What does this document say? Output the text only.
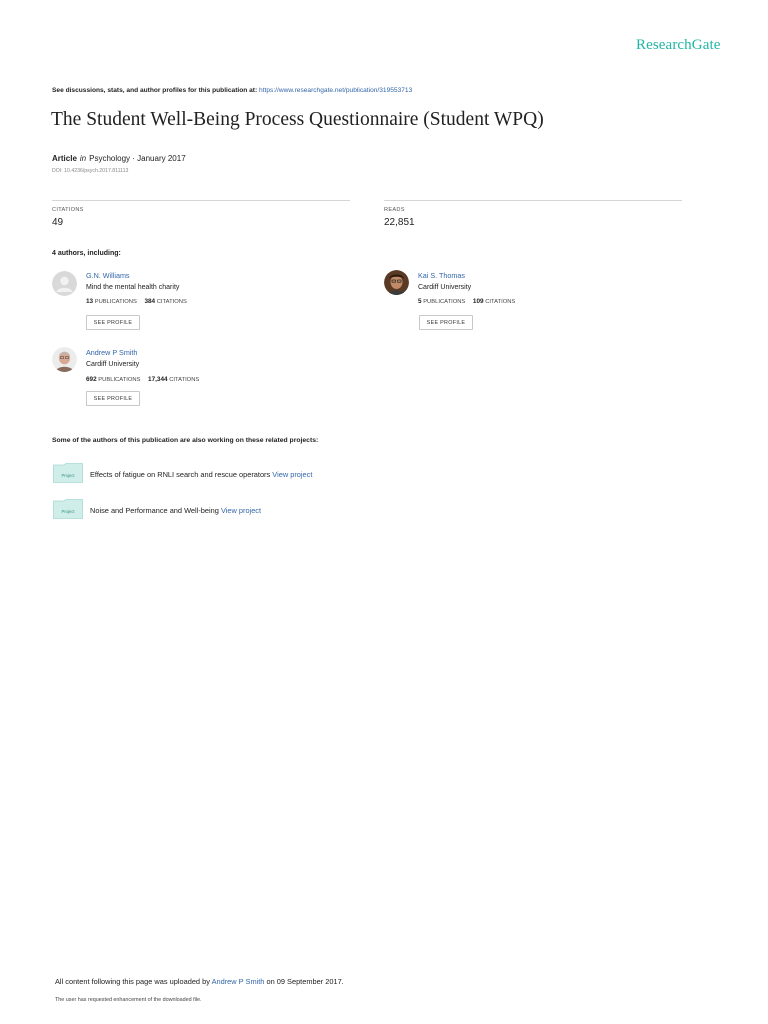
ResearchGate
See discussions, stats, and author profiles for this publication at: https://www.researchgate.net/publication/319553713
The Student Well-Being Process Questionnaire (Student WPQ)
Article in Psychology · January 2017
DOI: 10.4236/psych.2017.811113
CITATIONS
49
READS
22,851
4 authors, including:
G.N. Williams
Mind the mental health charity
13 PUBLICATIONS 384 CITATIONS
SEE PROFILE
Kai S. Thomas
Cardiff University
5 PUBLICATIONS 109 CITATIONS
SEE PROFILE
Andrew P Smith
Cardiff University
692 PUBLICATIONS 17,344 CITATIONS
SEE PROFILE
Some of the authors of this publication are also working on these related projects:
Project Effects of fatigue on RNLI search and rescue operators View project
Project Noise and Performance and Well-being View project
All content following this page was uploaded by Andrew P Smith on 09 September 2017.
The user has requested enhancement of the downloaded file.
